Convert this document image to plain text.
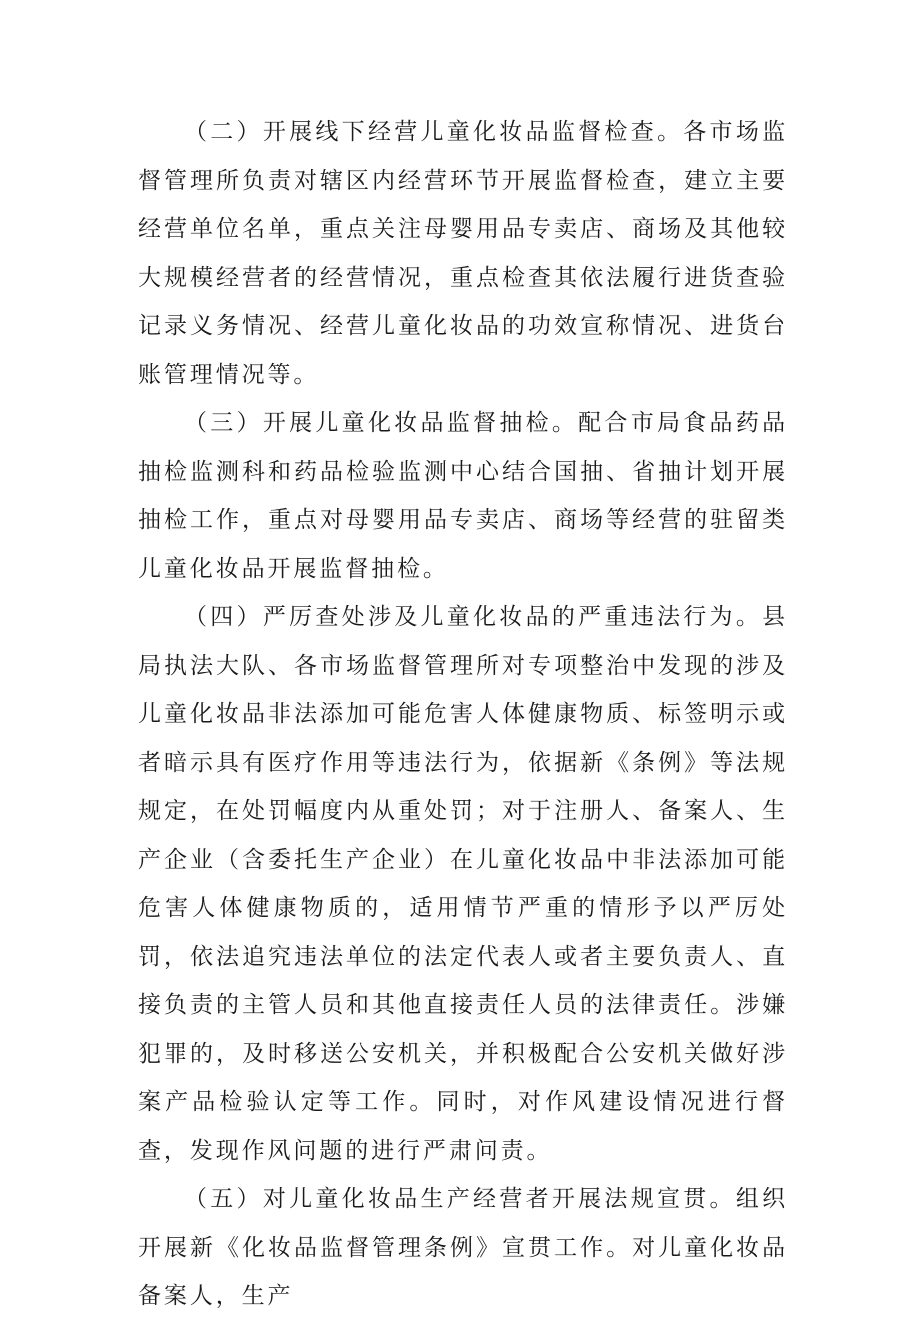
（二）开展线下经营儿童化妆品监督检查。各市场监督管理所负责对辖区内经营环节开展监督检查，建立主要经营单位名单，重点关注母婴用品专卖店、商场及其他较大规模经营者的经营情况，重点检查其依法履行进货查验记录义务情况、经营儿童化妆品的功效宣称情况、进货台账管理情况等。

（三）开展儿童化妆品监督抽检。配合市局食品药品抽检监测科和药品检验监测中心结合国抽、省抽计划开展抽检工作，重点对母婴用品专卖店、商场等经营的驻留类儿童化妆品开展监督抽检。

（四）严厉查处涉及儿童化妆品的严重违法行为。县局执法大队、各市场监督管理所对专项整治中发现的涉及儿童化妆品非法添加可能危害人体健康物质、标签明示或者暗示具有医疗作用等违法行为，依据新《条例》等法规规定，在处罚幅度内从重处罚；对于注册人、备案人、生产企业（含委托生产企业）在儿童化妆品中非法添加可能危害人体健康物质的，适用情节严重的情形予以严厉处罚，依法追究违法单位的法定代表人或者主要负责人、直接负责的主管人员和其他直接责任人员的法律责任。涉嫌犯罪的，及时移送公安机关，并积极配合公安机关做好涉案产品检验认定等工作。同时，对作风建设情况进行督查，发现作风问题的进行严肃问责。

（五）对儿童化妆品生产经营者开展法规宣贯。组织开展新《化妆品监督管理条例》宣贯工作。对儿童化妆品备案人，生产
